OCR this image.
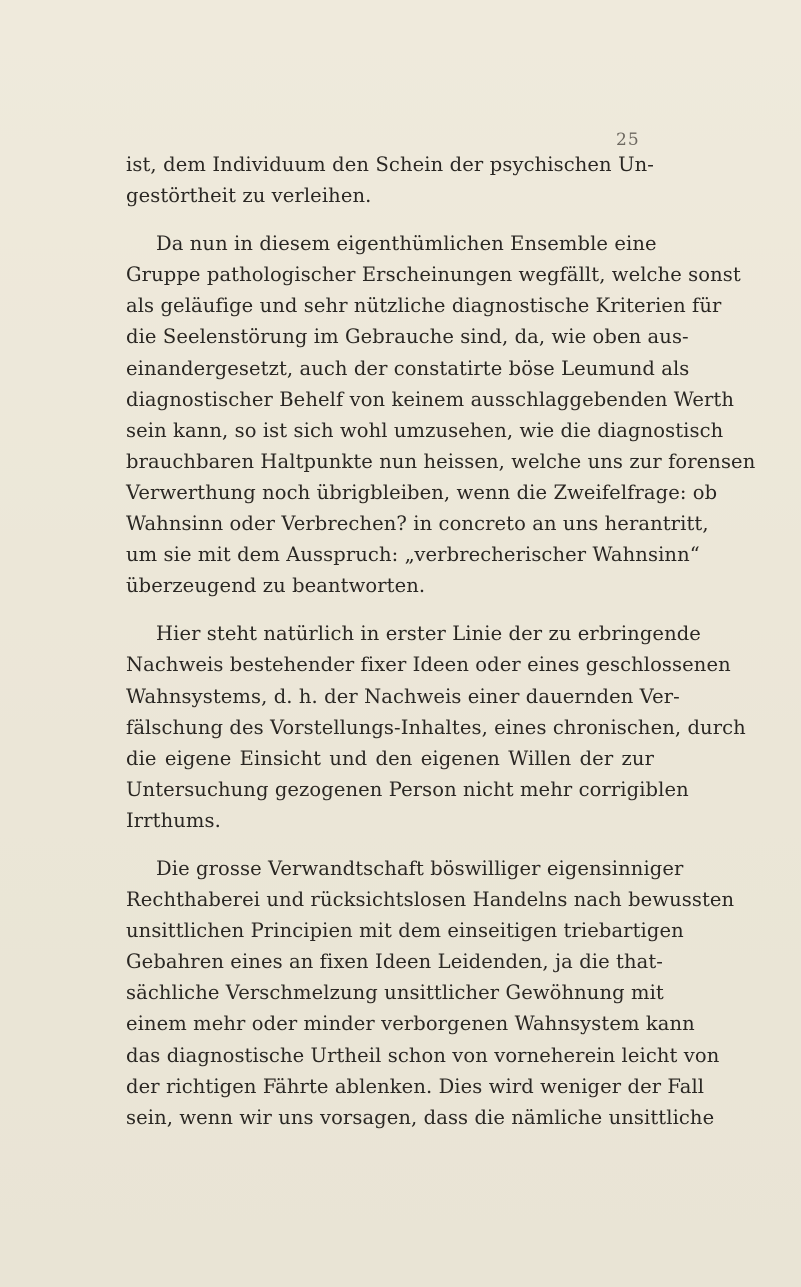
25
ist, dem Individuum den Schein der psychischen Un-
gestörtheit zu verleihen.
Da nun in diesem eigenthümlichen Ensemble eine
Gruppe pathologischer Erscheinungen wegfällt, welche sonst
als geläufige und sehr nützliche diagnostische Kriterien für
die Seelenstörung im Gebrauche sind, da, wie oben aus-
einandergesetzt, auch der constatirte böse Leumund als
diagnostischer Behelf von keinem ausschlaggebenden Werth
sein kann, so ist sich wohl umzusehen, wie die diagnostisch
brauchbaren Haltpunkte nun heissen, welche uns zur forensen
Verwerthung noch übrigbleiben, wenn die Zweifelfrage: ob
Wahnsinn oder Verbrechen? in concreto an uns herantritt,
um sie mit dem Ausspruch: „verbrecherischer Wahnsinn“
überzeugend zu beantworten.
Hier steht natürlich in erster Linie der zu erbringende
Nachweis bestehender fixer Ideen oder eines geschlossenen
Wahnsystems, d. h. der Nachweis einer dauernden Ver-
fälschung des Vorstellungs-Inhaltes, eines chronischen, durch
die eigene Einsicht und den eigenen Willen der zur
Untersuchung gezogenen Person nicht mehr corrigiblen
Irrthums.
Die grosse Verwandtschaft böswilliger eigensinniger
Rechthaberei und rücksichtslosen Handelns nach bewussten
unsittlichen Principien mit dem einseitigen triebartigen
Gebahren eines an fixen Ideen Leidenden, ja die that-
sächliche Verschmelzung unsittlicher Gewöhnung mit
einem mehr oder minder verborgenen Wahnsystem kann
das diagnostische Urtheil schon von vorneherein leicht von
der richtigen Fährte ablenken. Dies wird weniger der Fall
sein, wenn wir uns vorsagen, dass die nämliche unsittliche
